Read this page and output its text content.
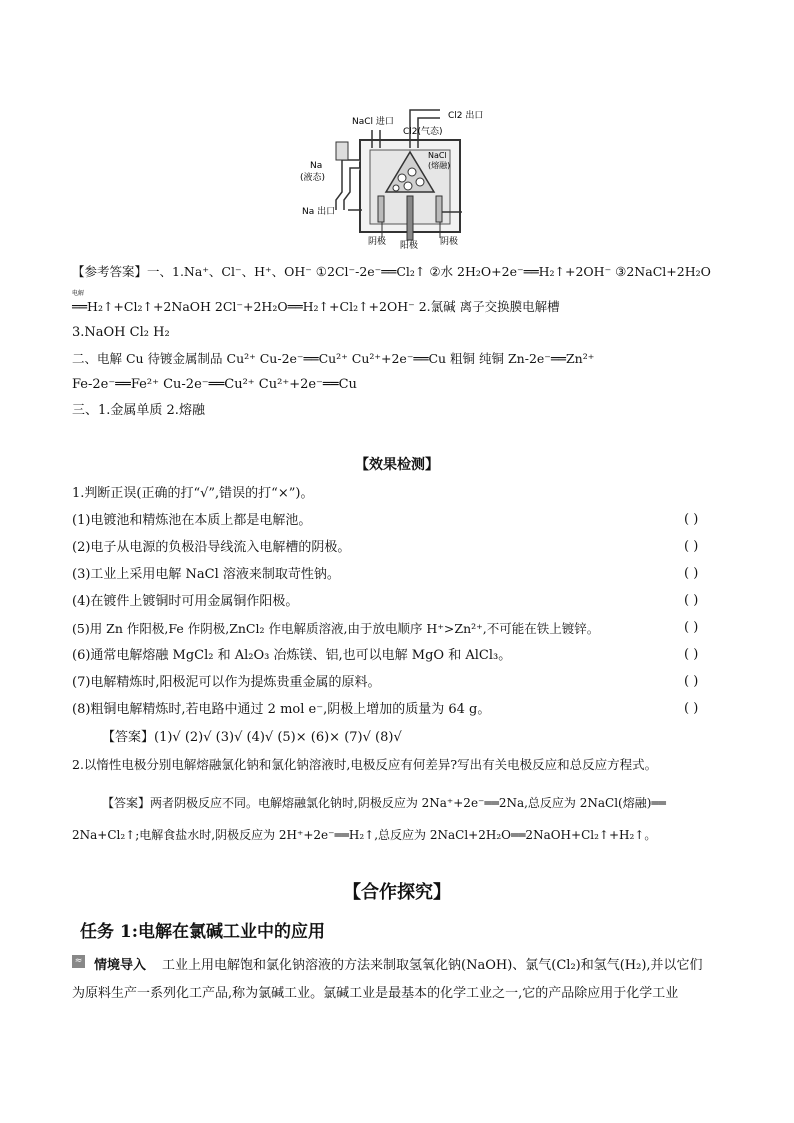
NaCl 进口
Cl2(气态)
Cl2 出口
NaCl
(熔融)
Na
(液态)
Na 出口
阴极 阳极 阴极
【参考答案】一、1.Na⁺、Cl⁻、H⁺、OH⁻ ①2Cl⁻-2e⁻══Cl₂↑ ②水 2H₂O+2e⁻══H₂↑+2OH⁻ ③2NaCl+2H₂O
电解
══H₂↑+Cl₂↑+2NaOH 2Cl⁻+2H₂O══H₂↑+Cl₂↑+2OH⁻ 2.氯碱 离子交换膜电解槽
3.NaOH Cl₂ H₂
二、电解 Cu 待镀金属制品 Cu²⁺ Cu-2e⁻══Cu²⁺ Cu²⁺+2e⁻══Cu 粗铜 纯铜 Zn-2e⁻══Zn²⁺
Fe-2e⁻══Fe²⁺ Cu-2e⁻══Cu²⁺ Cu²⁺+2e⁻══Cu
三、1.金属单质 2.熔融
【效果检测】
1.判断正误(正确的打“√”,错误的打“×”)。
(1)电镀池和精炼池在本质上都是电解池。	( )
(2)电子从电源的负极沿导线流入电解槽的阴极。	( )
(3)工业上采用电解 NaCl 溶液来制取苛性钠。	( )
(4)在镀件上镀铜时可用金属铜作阳极。	( )
(5)用 Zn 作阳极,Fe 作阴极,ZnCl₂ 作电解质溶液,由于放电顺序 H⁺>Zn²⁺,不可能在铁上镀锌。	( )
(6)通常电解熔融 MgCl₂ 和 Al₂O₃ 冶炼镁、铝,也可以电解 MgO 和 AlCl₃。	( )
(7)电解精炼时,阳极泥可以作为提炼贵重金属的原料。	( )
(8)粗铜电解精炼时,若电路中通过 2 mol e⁻,阴极上增加的质量为 64 g。	( )
【答案】(1)√ (2)√ (3)√ (4)√ (5)× (6)× (7)√ (8)√
2.以惰性电极分别电解熔融氯化钠和氯化钠溶液时,电极反应有何差异?写出有关电极反应和总反应方程式。
【答案】两者阴极反应不同。电解熔融氯化钠时,阴极反应为 2Na⁺+2e⁻══2Na,总反应为 2NaCl(熔融)══
2Na+Cl₂↑;电解食盐水时,阴极反应为 2H⁺+2e⁻══H₂↑,总反应为 2NaCl+2H₂O══2NaOH+Cl₂↑+H₂↑。
【合作探究】
任务 1:电解在氯碱工业中的应用
≈ 情境导入 工业上用电解饱和氯化钠溶液的方法来制取氢氧化钠(NaOH)、氯气(Cl₂)和氢气(H₂),并以它们
为原料生产一系列化工产品,称为氯碱工业。氯碱工业是最基本的化学工业之一,它的产品除应用于化学工业
